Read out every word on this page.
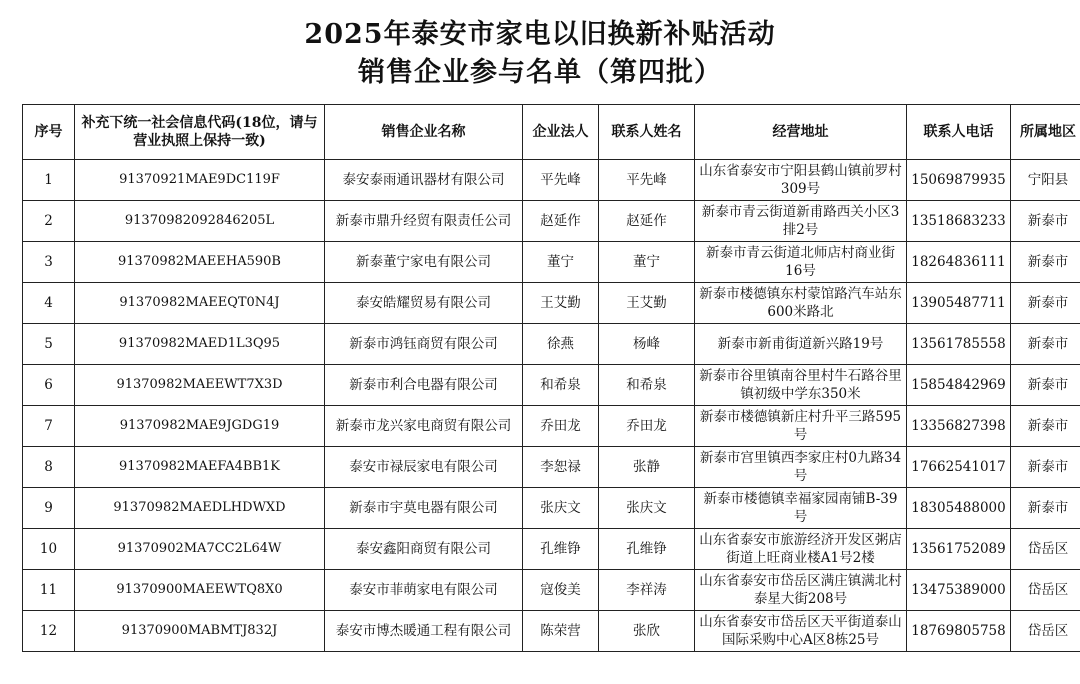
2025年泰安市家电以旧换新补贴活动
销售企业参与名单（第四批）
序号	补充下统一社会信息代码(18位，请与营业执照上保持一致)	销售企业名称	企业法人	联系人姓名	经营地址	联系人电话	所属地区
1	91370921MAE9DC119F	泰安泰雨通讯器材有限公司	平先峰	平先峰	山东省泰安市宁阳县鹤山镇前罗村309号	15069879935	宁阳县
2	91370982092846205L	新泰市鼎升经贸有限责任公司	赵延作	赵延作	新泰市青云街道新甫路西关小区3排2号	13518683233	新泰市
3	91370982MAEEHA590B	新泰董宁家电有限公司	董宁	董宁	新泰市青云街道北师店村商业街16号	18264836111	新泰市
4	91370982MAEEQT0N4J	泰安皓耀贸易有限公司	王艾勤	王艾勤	新泰市楼德镇东村蒙馆路汽车站东600米路北	13905487711	新泰市
5	91370982MAED1L3Q95	新泰市鸿钰商贸有限公司	徐燕	杨峰	新泰市新甫街道新兴路19号	13561785558	新泰市
6	91370982MAEEWT7X3D	新泰市利合电器有限公司	和希泉	和希泉	新泰市谷里镇南谷里村牛石路谷里镇初级中学东350米	15854842969	新泰市
7	91370982MAE9JGDG19	新泰市龙兴家电商贸有限公司	乔田龙	乔田龙	新泰市楼德镇新庄村升平三路595号	13356827398	新泰市
8	91370982MAEFA4BB1K	泰安市禄辰家电有限公司	李恕禄	张静	新泰市宫里镇西李家庄村0九路34号	17662541017	新泰市
9	91370982MAEDLHDWXD	新泰市宇莫电器有限公司	张庆文	张庆文	新泰市楼德镇幸福家园南铺B-39号	18305488000	新泰市
10	91370902MA7CC2L64W	泰安鑫阳商贸有限公司	孔维铮	孔维铮	山东省泰安市旅游经济开发区粥店街道上旺商业楼A1号2楼	13561752089	岱岳区
11	91370900MAEEWTQ8X0	泰安市菲萌家电有限公司	寇俊美	李祥涛	山东省泰安市岱岳区满庄镇满北村泰星大街208号	13475389000	岱岳区
12	91370900MABMTJ832J	泰安市博杰暖通工程有限公司	陈荣营	张欣	山东省泰安市岱岳区天平街道泰山国际采购中心A区8栋25号	18769805758	岱岳区
